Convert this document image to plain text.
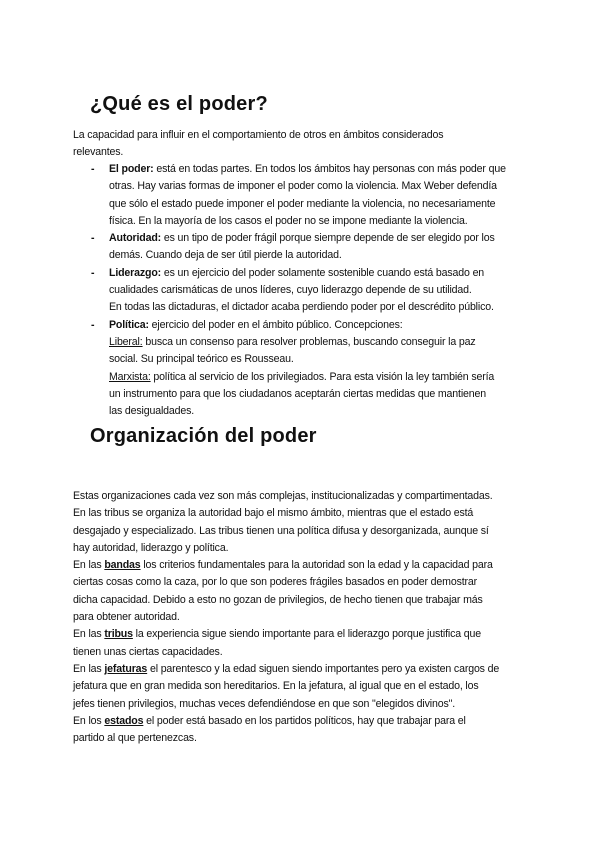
¿Qué es el poder?
La capacidad para influir en el comportamiento de otros en ámbitos considerados
relevantes.
- El poder: está en todas partes. En todos los ámbitos hay personas con más poder que
otras. Hay varias formas de imponer el poder como la violencia. Max Weber defendía
que sólo el estado puede imponer el poder mediante la violencia, no necesariamente
física. En la mayoría de los casos el poder no se impone mediante la violencia.
- Autoridad: es un tipo de poder frágil porque siempre depende de ser elegido por los
demás. Cuando deja de ser útil pierde la autoridad.
- Liderazgo: es un ejercicio del poder solamente sostenible cuando está basado en
cualidades carismáticas de unos líderes, cuyo liderazgo depende de su utilidad.
En todas las dictaduras, el dictador acaba perdiendo poder por el descrédito público.
- Política: ejercicio del poder en el ámbito público. Concepciones:
Liberal: busca un consenso para resolver problemas, buscando conseguir la paz
social. Su principal teórico es Rousseau.
Marxista: política al servicio de los privilegiados. Para esta visión la ley también sería
un instrumento para que los ciudadanos aceptarán ciertas medidas que mantienen
las desigualdades.
Organización del poder
Estas organizaciones cada vez son más complejas, institucionalizadas y compartimentadas.
En las tribus se organiza la autoridad bajo el mismo ámbito, mientras que el estado está
desgajado y especializado. Las tribus tienen una política difusa y desorganizada, aunque sí
hay autoridad, liderazgo y política.
En las bandas los criterios fundamentales para la autoridad son la edad y la capacidad para
ciertas cosas como la caza, por lo que son poderes frágiles basados en poder demostrar
dicha capacidad. Debido a esto no gozan de privilegios, de hecho tienen que trabajar más
para obtener autoridad.
En las tribus la experiencia sigue siendo importante para el liderazgo porque justifica que
tienen unas ciertas capacidades.
En las jefaturas el parentesco y la edad siguen siendo importantes pero ya existen cargos de
jefatura que en gran medida son hereditarios. En la jefatura, al igual que en el estado, los
jefes tienen privilegios, muchas veces defendiéndose en que son "elegidos divinos".
En los estados el poder está basado en los partidos políticos, hay que trabajar para el
partido al que pertenezcas.
